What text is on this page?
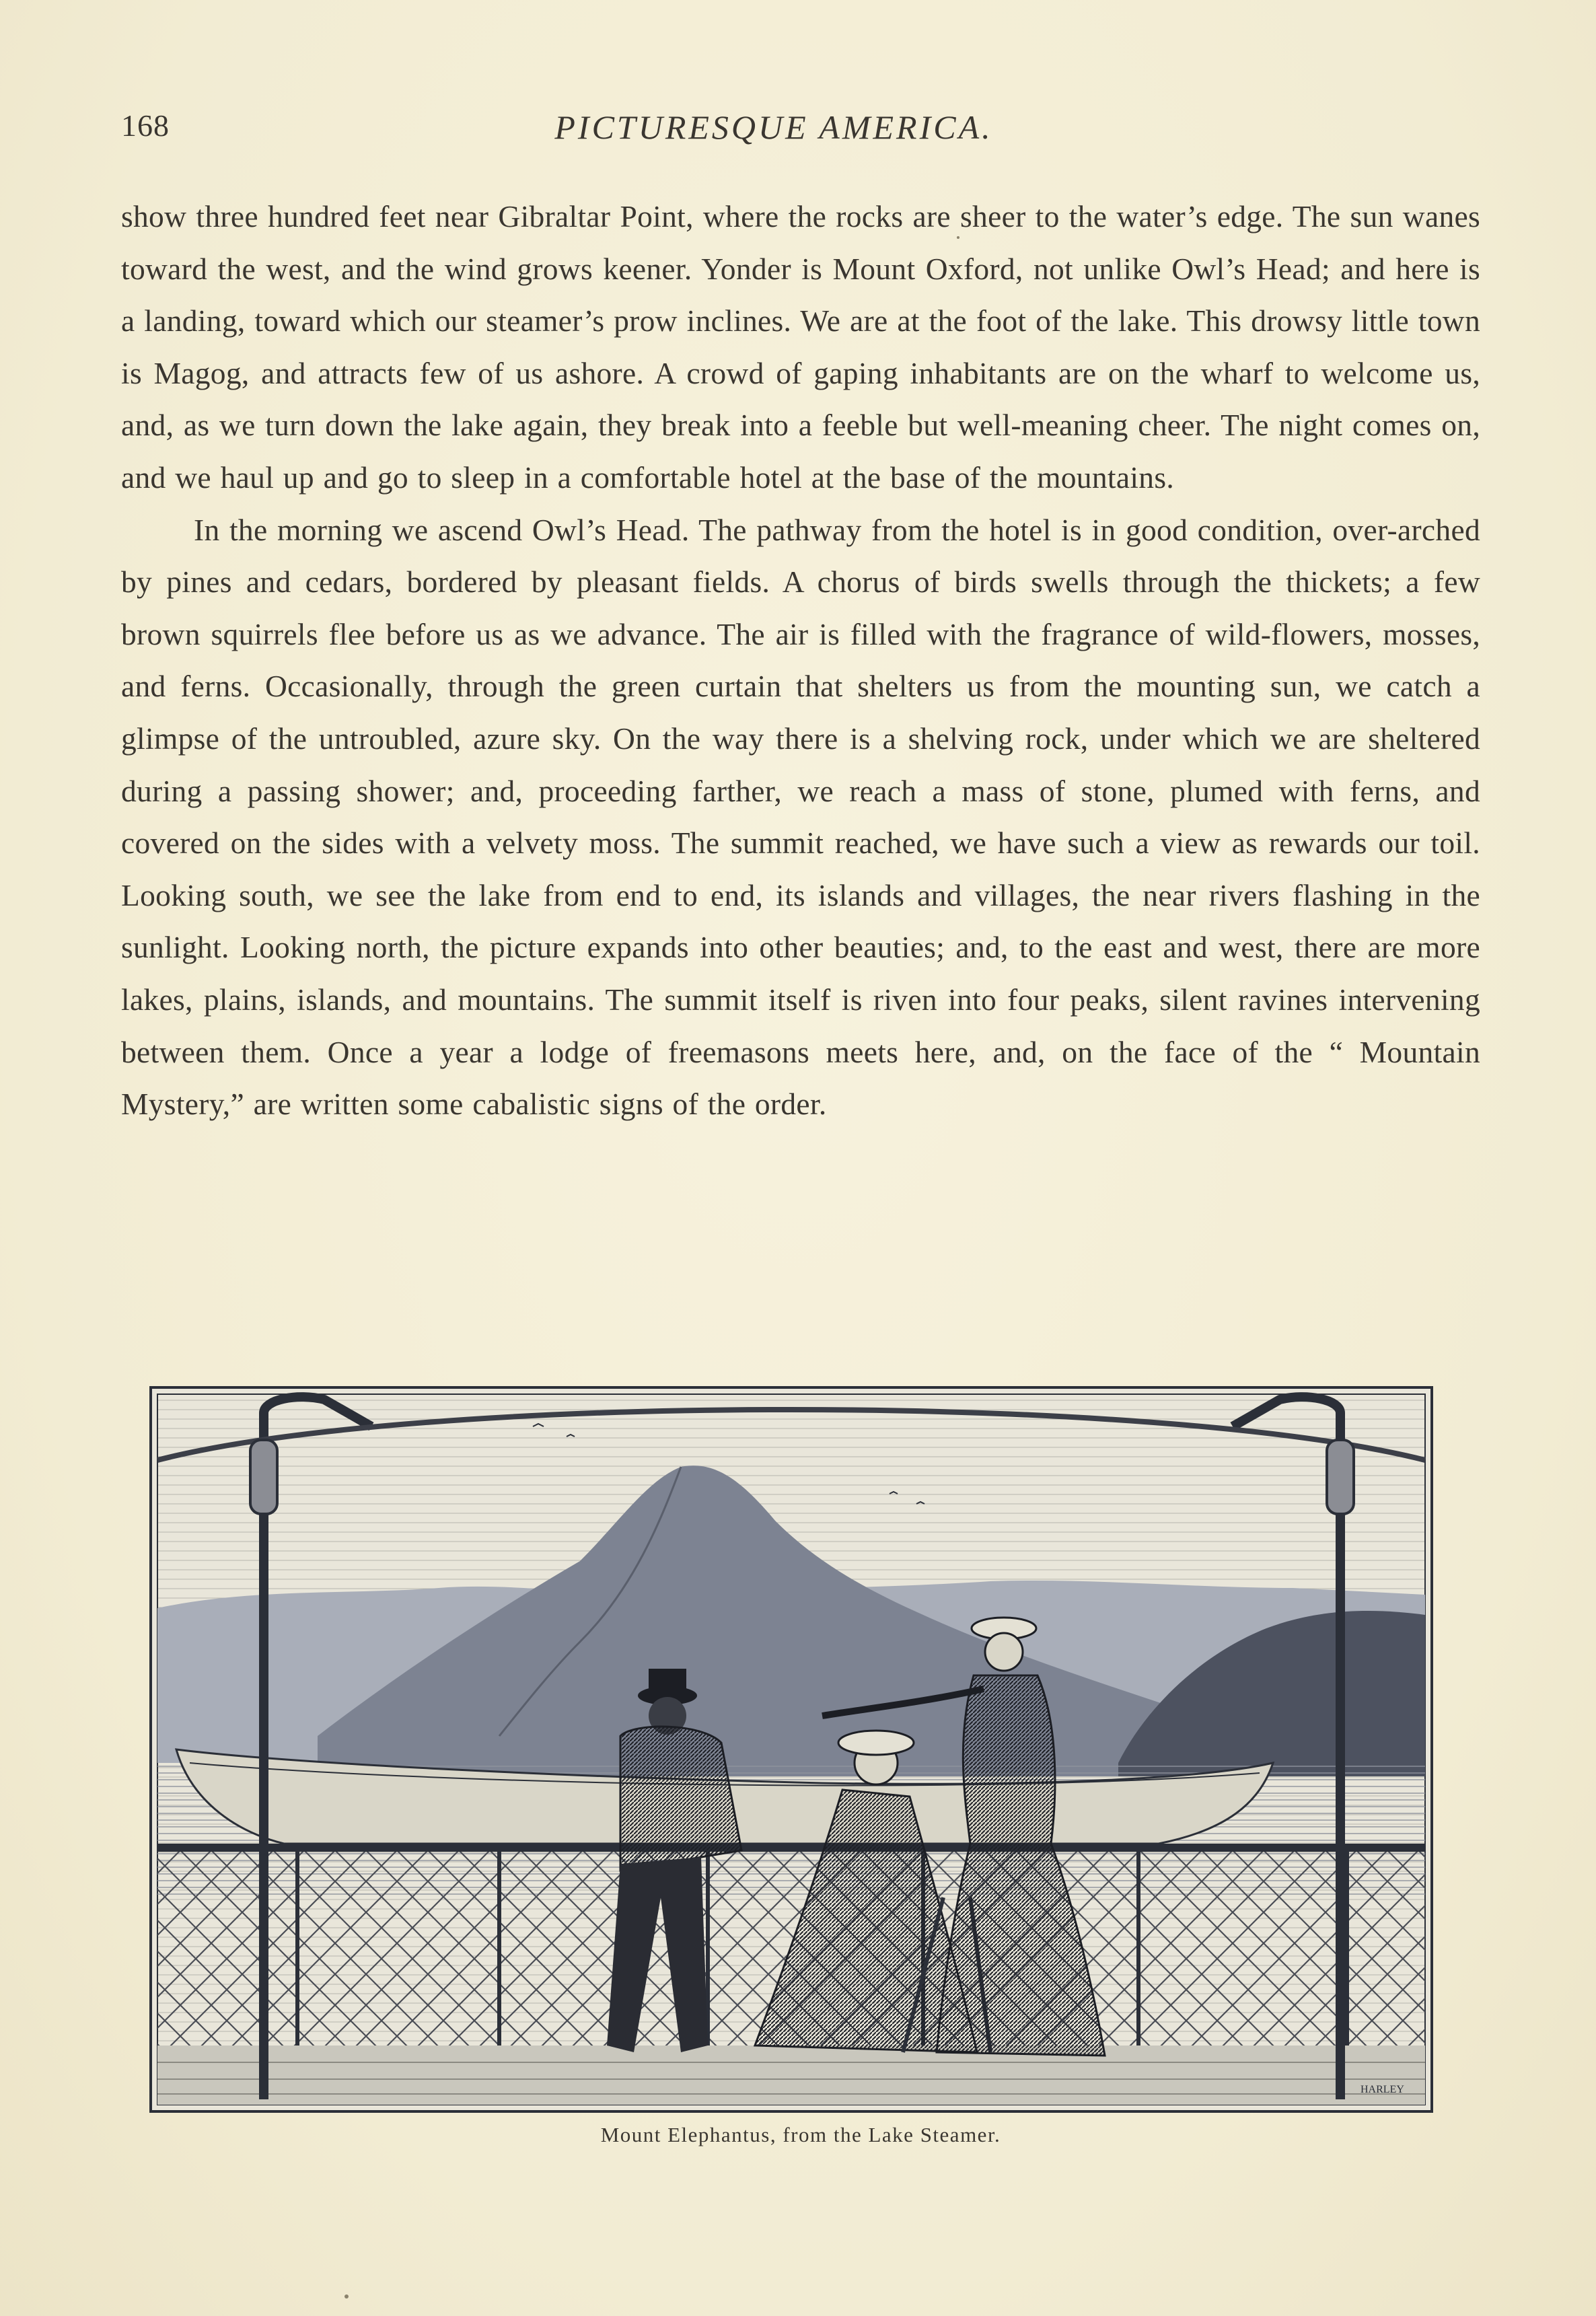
168	PICTURESQUE AMERICA.

show three hundred feet near Gibraltar Point, where the rocks are sheer to the water’s edge. The sun wanes toward the west, and the wind grows keener. Yonder is Mount Oxford, not unlike Owl’s Head; and here is a landing, toward which our steamer’s prow inclines. We are at the foot of the lake. This drowsy little town is Magog, and attracts few of us ashore. A crowd of gaping inhabitants are on the wharf to welcome us, and, as we turn down the lake again, they break into a feeble but well-meaning cheer. The night comes on, and we haul up and go to sleep in a comfortable hotel at the base of the mountains.

In the morning we ascend Owl’s Head. The pathway from the hotel is in good condition, over-arched by pines and cedars, bordered by pleasant fields. A chorus of birds swells through the thickets; a few brown squirrels flee before us as we advance. The air is filled with the fragrance of wild-flowers, mosses, and ferns. Occasionally, through the green curtain that shelters us from the mounting sun, we catch a glimpse of the untroubled, azure sky. On the way there is a shelving rock, under which we are sheltered during a passing shower; and, proceeding farther, we reach a mass of stone, plumed with ferns, and covered on the sides with a velvety moss. The summit reached, we have such a view as rewards our toil. Looking south, we see the lake from end to end, its islands and villages, the near rivers flashing in the sunlight. Looking north, the picture expands into other beauties; and, to the east and west, there are more lakes, plains, islands, and mountains. The summit itself is riven into four peaks, silent ravines intervening between them. Once a year a lodge of freemasons meets here, and, on the face of the “ Mountain Mystery,” are written some cabalistic signs of the order.

HARLEY
Mount Elephantus, from the Lake Steamer.
